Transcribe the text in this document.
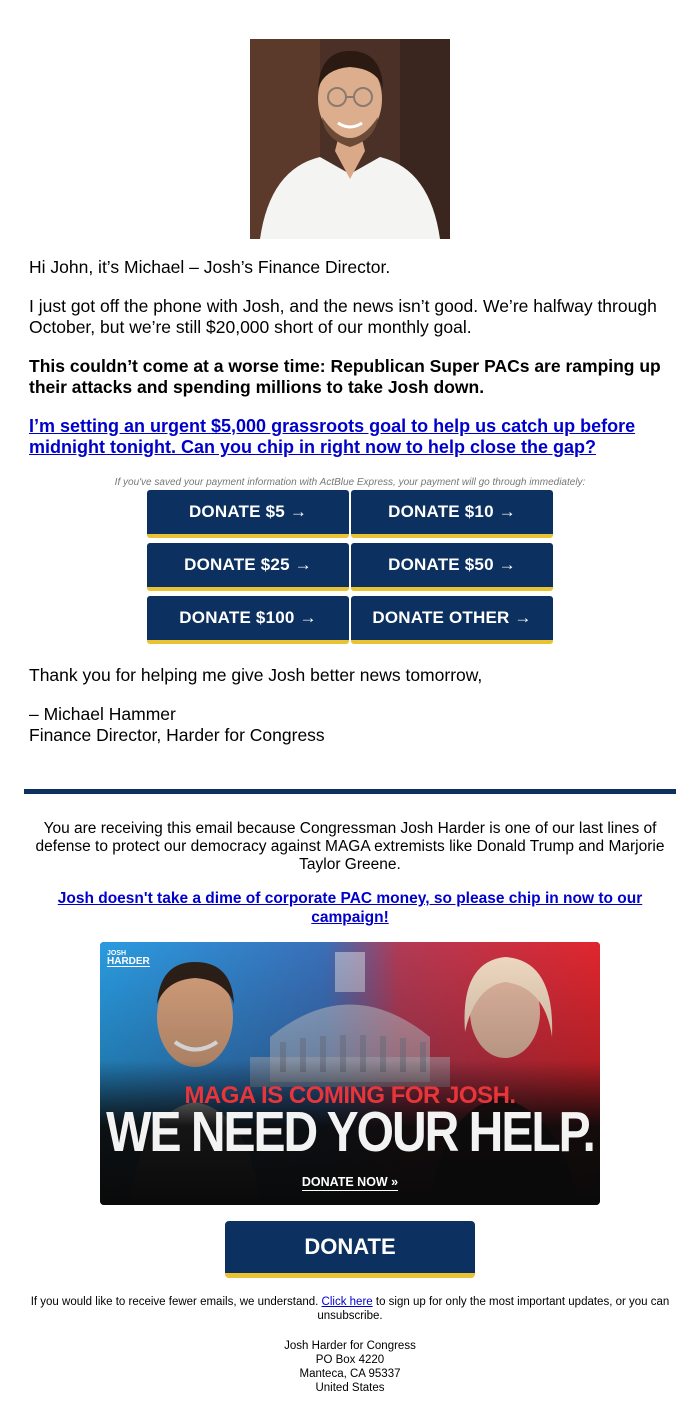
Hi John, it’s Michael – Josh’s Finance Director.
I just got off the phone with Josh, and the news isn’t good. We’re halfway through October, but we’re still $20,000 short of our monthly goal.
This couldn’t come at a worse time: Republican Super PACs are ramping up their attacks and spending millions to take Josh down.
I’m setting an urgent $5,000 grassroots goal to help us catch up before midnight tonight. Can you chip in right now to help close the gap?
If you've saved your payment information with ActBlue Express, your payment will go through immediately:
DONATE $5 →	DONATE $10 →
DONATE $25 →	DONATE $50 →
DONATE $100 →	DONATE OTHER →
Thank you for helping me give Josh better news tomorrow,
– Michael Hammer
Finance Director, Harder for Congress
You are receiving this email because Congressman Josh Harder is one of our last lines of defense to protect our democracy against MAGA extremists like Donald Trump and Marjorie Taylor Greene.
Josh doesn't take a dime of corporate PAC money, so please chip in now to our campaign!
JOSH
HARDER
MAGA IS COMING FOR JOSH.
WE NEED YOUR HELP.
DONATE NOW »
DONATE
If you would like to receive fewer emails, we understand. Click here to sign up for only the most important updates, or you can unsubscribe.
Josh Harder for Congress
PO Box 4220
Manteca, CA 95337
United States
